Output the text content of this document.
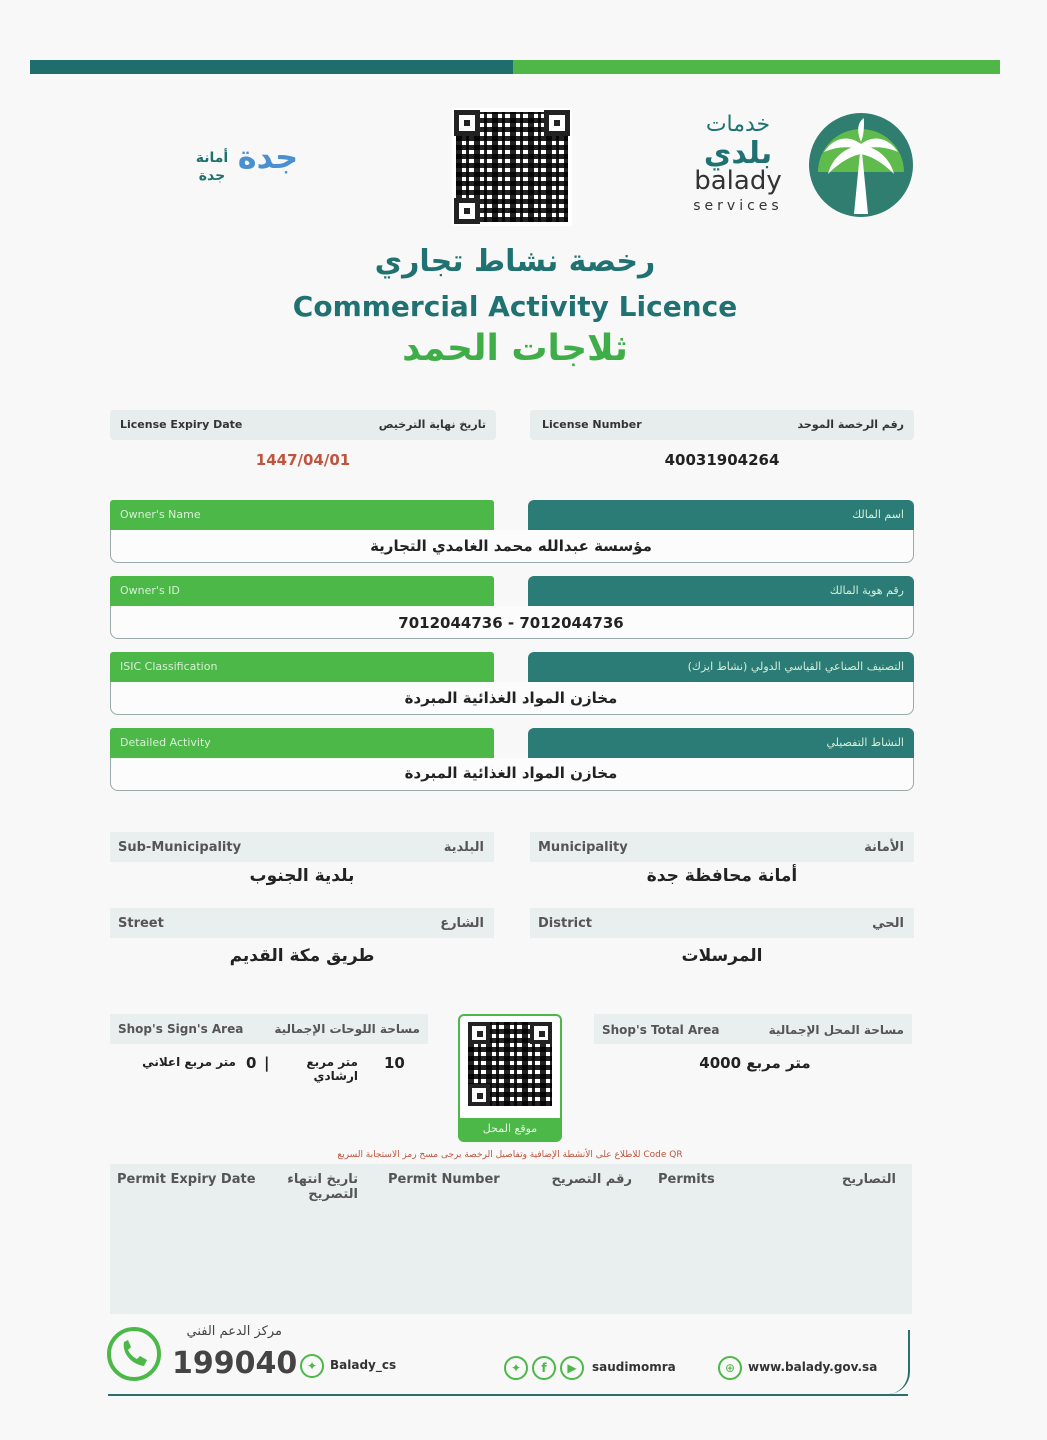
خدمات
بلدي
balady
services
جدة
أمانة
جدة
رخصة نشاط تجاري
Commercial Activity Licence
ثلاجات الحمد
License Expiry Date	تاريخ نهاية الترخيص
1447/04/01
License Number	رقم الرخصة الموحد
40031904264
Owner's Name	اسم المالك
مؤسسة عبدالله محمد الغامدي التجارية
Owner's ID	رقم هوية المالك
7012044736 - 7012044736
ISIC Classification	التصنيف الصناعي القياسي الدولي (نشاط ايزك)
مخازن المواد الغذائية المبردة
Detailed Activity	النشاط التفصيلي
مخازن المواد الغذائية المبردة
Sub-Municipality	البلدية
بلدية الجنوب
Municipality	الأمانة
أمانة محافظة جدة
Street	الشارع
طريق مكة القديم
District	الحي
المرسلات
Shop's Sign's Area	مساحة اللوحات الإجمالية
10
متر مربع ارشادي
|
0
متر مربع اعلاني
Shop's Total Area	مساحة المحل الإجمالية
4000 متر مربع
موقع المحل
للاطلاع على الأنشطة الإضافية وتفاصيل الرخصة يرجى مسح رمز الاستجابة السريع Code QR
Permit Expiry Date	تاريخ انتهاء التصريح
Permit Number	رقم التصريح Permits	التصاريح
مركز الدعم الفني
199040 ✦	Balady_cs	✦	f	▶	saudimomra	⊕	www.balady.gov.sa
